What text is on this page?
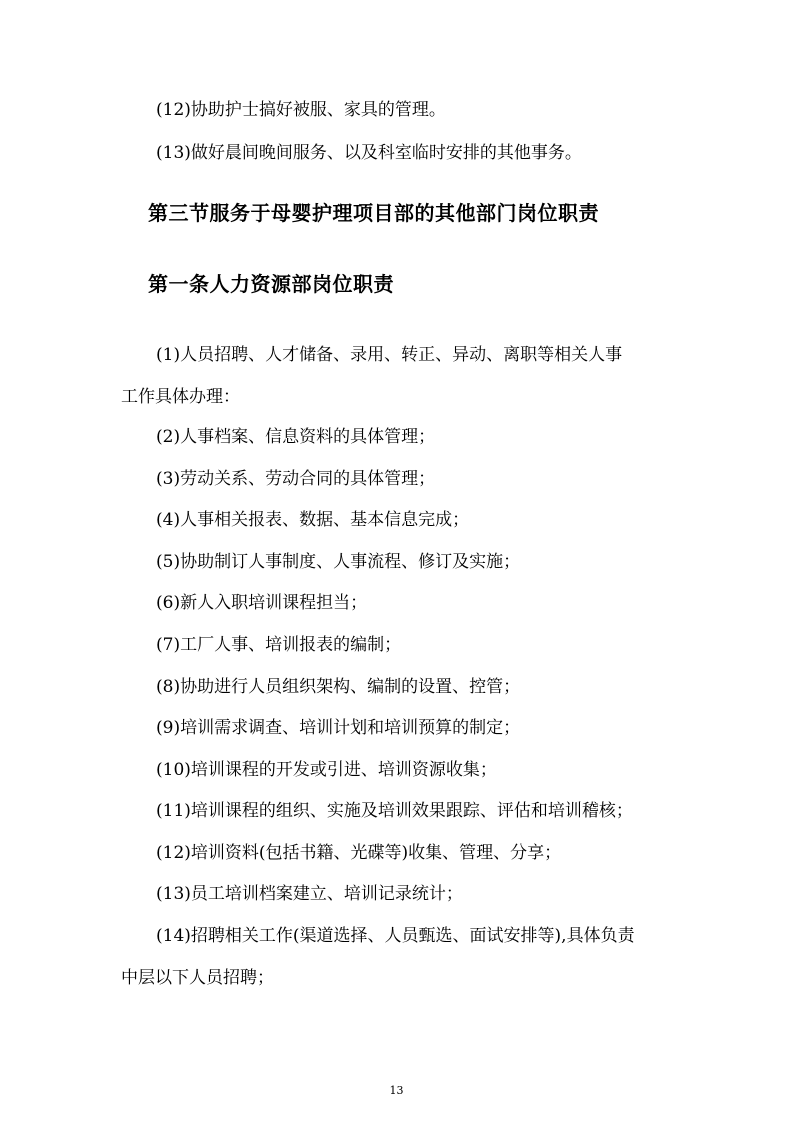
(12)协助护士搞好被服、家具的管理。
(13)做好晨间晚间服务、以及科室临时安排的其他事务。
第三节服务于母婴护理项目部的其他部门岗位职责
第一条人力资源部岗位职责
(1)人员招聘、人才储备、录用、转正、异动、离职等相关人事
工作具体办理：
(2)人事档案、信息资料的具体管理；
(3)劳动关系、劳动合同的具体管理；
(4)人事相关报表、数据、基本信息完成；
(5)协助制订人事制度、人事流程、修订及实施；
(6)新人入职培训课程担当；
(7)工厂人事、培训报表的编制；
(8)协助进行人员组织架构、编制的设置、控管；
(9)培训需求调查、培训计划和培训预算的制定；
(10)培训课程的开发或引进、培训资源收集；
(11)培训课程的组织、实施及培训效果跟踪、评估和培训稽核；
(12)培训资料(包括书籍、光碟等)收集、管理、分享；
(13)员工培训档案建立、培训记录统计；
(14)招聘相关工作(渠道选择、人员甄选、面试安排等),具体负责
中层以下人员招聘；
13
